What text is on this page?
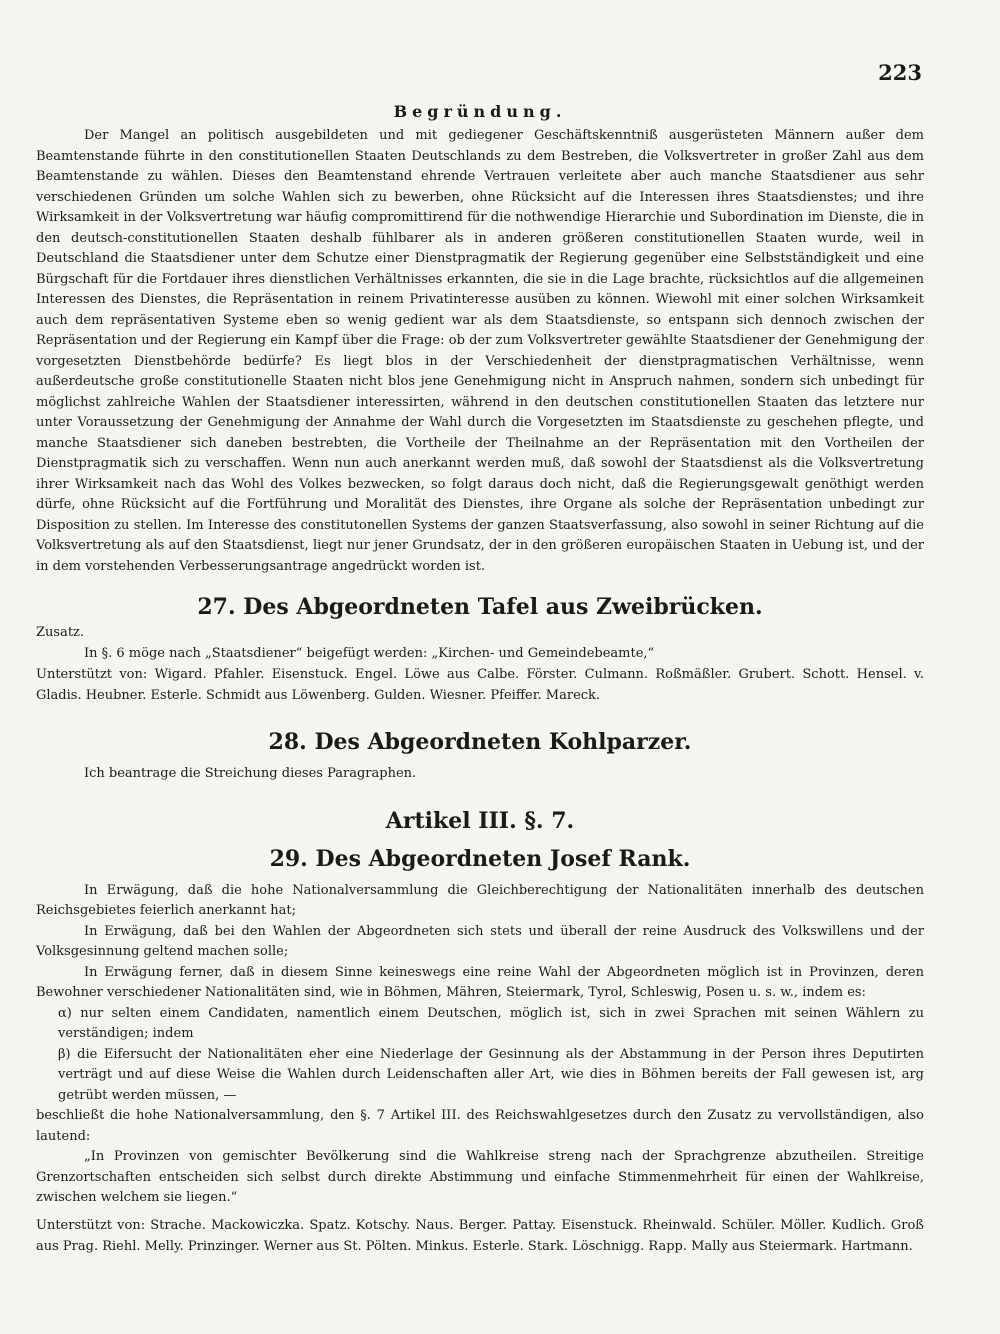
223
Begründung.

Der Mangel an politisch ausgebildeten und mit gediegener Geschäftskenntniß ausgerüsteten Männern außer dem Beamtenstande führte in den constitutionellen Staaten Deutschlands zu dem Bestreben, die Volksvertreter in großer Zahl aus dem Beamtenstande zu wählen. Dieses den Beamtenstand ehrende Vertrauen verleitete aber auch manche Staatsdiener aus sehr verschiedenen Gründen um solche Wahlen sich zu bewerben, ohne Rücksicht auf die Interessen ihres Staatsdienstes; und ihre Wirksamkeit in der Volksvertretung war häufig compromittirend für die nothwendige Hierarchie und Subordination im Dienste, die in den deutsch-constitutionellen Staaten deshalb fühlbarer als in anderen größeren constitutionellen Staaten wurde, weil in Deutschland die Staatsdiener unter dem Schutze einer Dienstpragmatik der Regierung gegenüber eine Selbstständigkeit und eine Bürgschaft für die Fortdauer ihres dienstlichen Verhältnisses erkannten, die sie in die Lage brachte, rücksichtlos auf die allgemeinen Interessen des Dienstes, die Repräsentation in reinem Privatinteresse ausüben zu können. Wiewohl mit einer solchen Wirksamkeit auch dem repräsentativen Systeme eben so wenig gedient war als dem Staatsdienste, so entspann sich dennoch zwischen der Repräsentation und der Regierung ein Kampf über die Frage: ob der zum Volksvertreter gewählte Staatsdiener der Genehmigung der vorgesetzten Dienstbehörde bedürfe? Es liegt blos in der Verschiedenheit der dienstpragmatischen Verhältnisse, wenn außerdeutsche große constitutionelle Staaten nicht blos jene Genehmigung nicht in Anspruch nahmen, sondern sich unbedingt für möglichst zahlreiche Wahlen der Staatsdiener interessirten, während in den deutschen constitutionellen Staaten das letztere nur unter Voraussetzung der Genehmigung der Annahme der Wahl durch die Vorgesetzten im Staatsdienste zu geschehen pflegte, und manche Staatsdiener sich daneben bestrebten, die Vortheile der Theilnahme an der Repräsentation mit den Vortheilen der Dienstpragmatik sich zu verschaffen. Wenn nun auch anerkannt werden muß, daß sowohl der Staatsdienst als die Volksvertretung ihrer Wirksamkeit nach das Wohl des Volkes bezwecken, so folgt daraus doch nicht, daß die Regierungsgewalt genöthigt werden dürfe, ohne Rücksicht auf die Fortführung und Moralität des Dienstes, ihre Organe als solche der Repräsentation unbedingt zur Disposition zu stellen. Im Interesse des constitutonellen Systems der ganzen Staatsverfassung, also sowohl in seiner Richtung auf die Volksvertretung als auf den Staatsdienst, liegt nur jener Grundsatz, der in den größeren europäischen Staaten in Uebung ist, und der in dem vorstehenden Verbesserungsantrage angedrückt worden ist.

27. Des Abgeordneten Tafel aus Zweibrücken.

Zusatz.

In §. 6 möge nach „Staatsdiener“ beigefügt werden: „Kirchen- und Gemeindebeamte,“

Unterstützt von: Wigard. Pfahler. Eisenstuck. Engel. Löwe aus Calbe. Förster. Culmann. Roßmäßler. Grubert. Schott. Hensel. v. Gladis. Heubner. Esterle. Schmidt aus Löwenberg. Gulden. Wiesner. Pfeiffer. Mareck.

28. Des Abgeordneten Kohlparzer.

Ich beantrage die Streichung dieses Paragraphen.

Artikel III. §. 7.
29. Des Abgeordneten Josef Rank.

In Erwägung, daß die hohe Nationalversammlung die Gleichberechtigung der Nationalitäten innerhalb des deutschen Reichsgebietes feierlich anerkannt hat;

In Erwägung, daß bei den Wahlen der Abgeordneten sich stets und überall der reine Ausdruck des Volkswillens und der Volksgesinnung geltend machen solle;

In Erwägung ferner, daß in diesem Sinne keineswegs eine reine Wahl der Abgeordneten möglich ist in Provinzen, deren Bewohner verschiedener Nationalitäten sind, wie in Böhmen, Mähren, Steiermark, Tyrol, Schleswig, Posen u. s. w., indem es:

α) nur selten einem Candidaten, namentlich einem Deutschen, möglich ist, sich in zwei Sprachen mit seinen Wählern zu verständigen; indem

β) die Eifersucht der Nationalitäten eher eine Niederlage der Gesinnung als der Abstammung in der Person ihres Deputirten verträgt und auf diese Weise die Wahlen durch Leidenschaften aller Art, wie dies in Böhmen bereits der Fall gewesen ist, arg getrübt werden müssen, —

beschließt die hohe Nationalversammlung, den §. 7 Artikel III. des Reichswahlgesetzes durch den Zusatz zu vervollständigen, also lautend:

„In Provinzen von gemischter Bevölkerung sind die Wahlkreise streng nach der Sprachgrenze abzutheilen. Streitige Grenzortschaften entscheiden sich selbst durch direkte Abstimmung und einfache Stimmenmehrheit für einen der Wahlkreise, zwischen welchem sie liegen.“

Unterstützt von: Strache. Mackowiczka. Spatz. Kotschy. Naus. Berger. Pattay. Eisenstuck. Rheinwald. Schüler. Möller. Kudlich. Groß aus Prag. Riehl. Melly. Prinzinger. Werner aus St. Pölten. Minkus. Esterle. Stark. Löschnigg. Rapp. Mally aus Steiermark. Hartmann.
